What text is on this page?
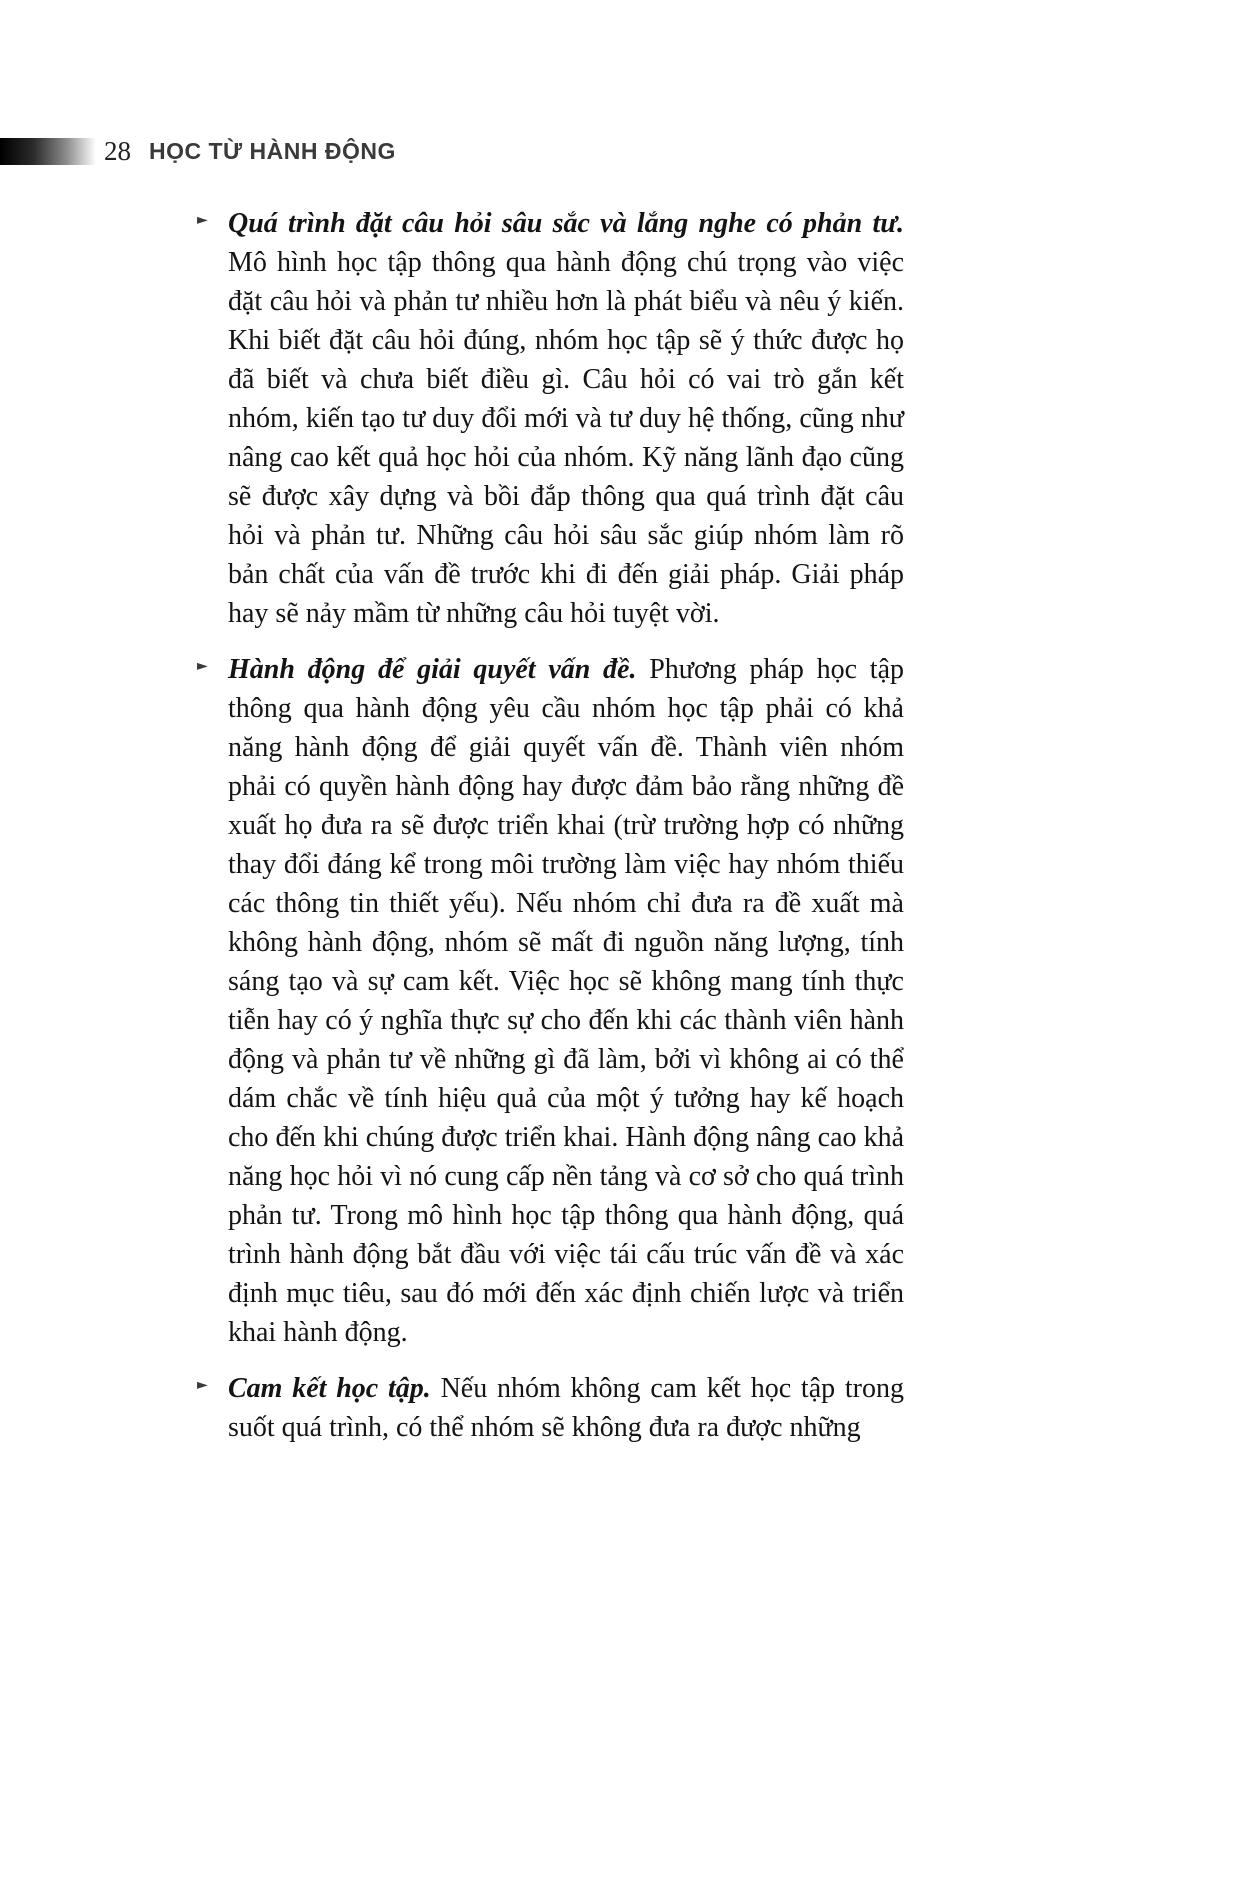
28 HỌC TỪ HÀNH ĐỘNG
► Quá trình đặt câu hỏi sâu sắc và lắng nghe có phản tư. Mô hình học tập thông qua hành động chú trọng vào việc đặt câu hỏi và phản tư nhiều hơn là phát biểu và nêu ý kiến. Khi biết đặt câu hỏi đúng, nhóm học tập sẽ ý thức được họ đã biết và chưa biết điều gì. Câu hỏi có vai trò gắn kết nhóm, kiến tạo tư duy đổi mới và tư duy hệ thống, cũng như nâng cao kết quả học hỏi của nhóm. Kỹ năng lãnh đạo cũng sẽ được xây dựng và bồi đắp thông qua quá trình đặt câu hỏi và phản tư. Những câu hỏi sâu sắc giúp nhóm làm rõ bản chất của vấn đề trước khi đi đến giải pháp. Giải pháp hay sẽ nảy mầm từ những câu hỏi tuyệt vời.

► Hành động để giải quyết vấn đề. Phương pháp học tập thông qua hành động yêu cầu nhóm học tập phải có khả năng hành động để giải quyết vấn đề. Thành viên nhóm phải có quyền hành động hay được đảm bảo rằng những đề xuất họ đưa ra sẽ được triển khai (trừ trường hợp có những thay đổi đáng kể trong môi trường làm việc hay nhóm thiếu các thông tin thiết yếu). Nếu nhóm chỉ đưa ra đề xuất mà không hành động, nhóm sẽ mất đi nguồn năng lượng, tính sáng tạo và sự cam kết. Việc học sẽ không mang tính thực tiễn hay có ý nghĩa thực sự cho đến khi các thành viên hành động và phản tư về những gì đã làm, bởi vì không ai có thể dám chắc về tính hiệu quả của một ý tưởng hay kế hoạch cho đến khi chúng được triển khai. Hành động nâng cao khả năng học hỏi vì nó cung cấp nền tảng và cơ sở cho quá trình phản tư. Trong mô hình học tập thông qua hành động, quá trình hành động bắt đầu với việc tái cấu trúc vấn đề và xác định mục tiêu, sau đó mới đến xác định chiến lược và triển khai hành động.

► Cam kết học tập. Nếu nhóm không cam kết học tập trong suốt quá trình, có thể nhóm sẽ không đưa ra được những
